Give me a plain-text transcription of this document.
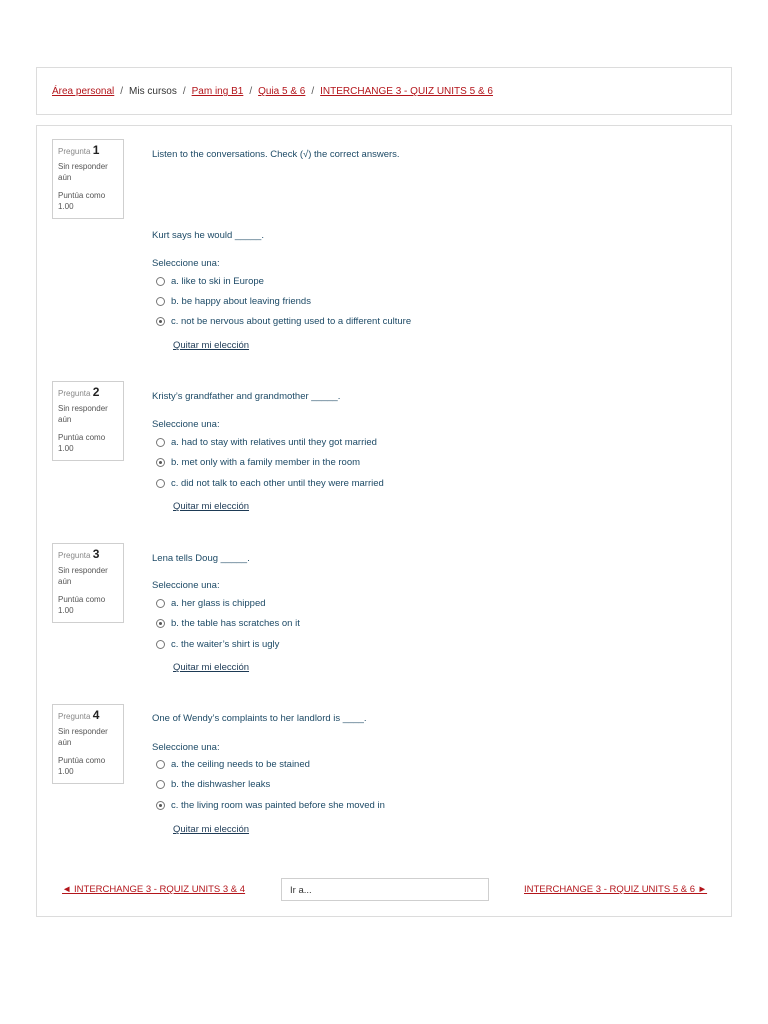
Área personal / Mis cursos / Pam ing B1 / Quia 5 & 6 / INTERCHANGE 3 - QUIZ UNITS 5 & 6
Pregunta 1
Sin responder aún
Puntúa como 1.00
Listen to the conversations. Check (√) the correct answers.
Kurt says he would _____.
Seleccione una:
a. like to ski in Europe
b. be happy about leaving friends
c. not be nervous about getting used to a different culture
Quitar mi elección
Pregunta 2
Sin responder aún
Puntúa como 1.00
Kristy’s grandfather and grandmother _____.
Seleccione una:
a. had to stay with relatives until they got married
b. met only with a family member in the room
c. did not talk to each other until they were married
Quitar mi elección
Pregunta 3
Sin responder aún
Puntúa como 1.00
Lena tells Doug _____.
Seleccione una:
a. her glass is chipped
b. the table has scratches on it
c. the waiter’s shirt is ugly
Quitar mi elección
Pregunta 4
Sin responder aún
Puntúa como 1.00
One of Wendy’s complaints to her landlord is ____.
Seleccione una:
a. the ceiling needs to be stained
b. the dishwasher leaks
c. the living room was painted before she moved in
Quitar mi elección
◄ INTERCHANGE 3 - RQUIZ UNITS 3 & 4	Ir a...	INTERCHANGE 3 - RQUIZ UNITS 5 & 6 ►
